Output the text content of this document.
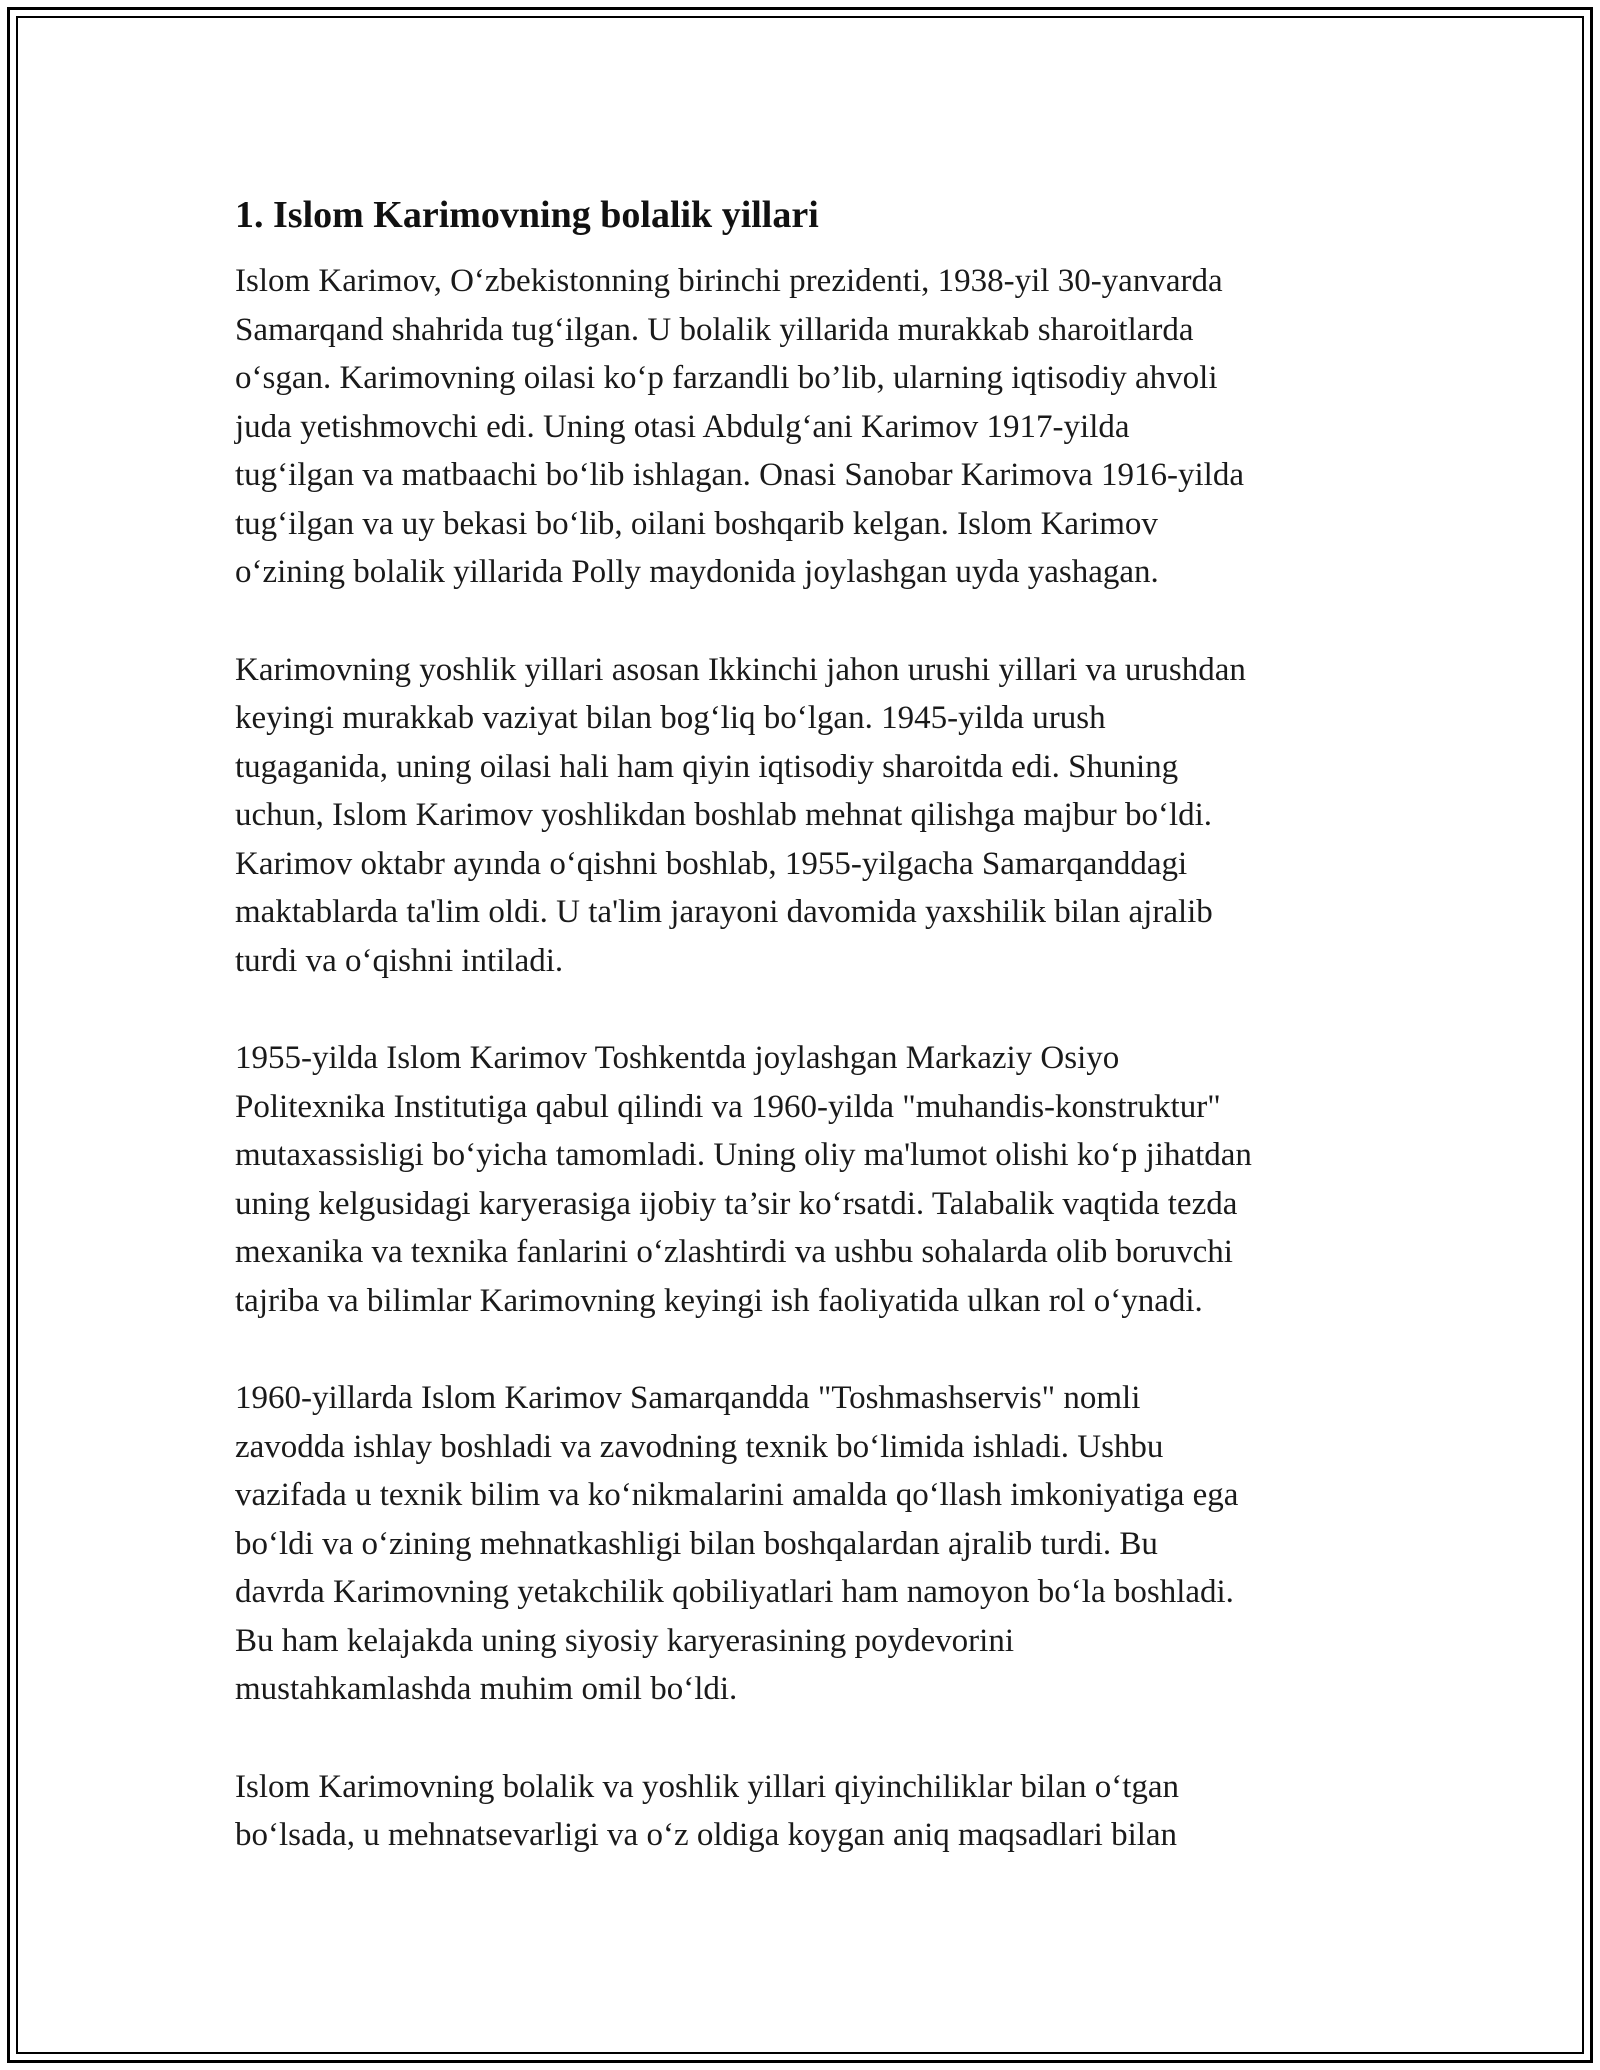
1. Islom Karimovning bolalik yillari

Islom Karimov, O‘zbekistonning birinchi prezidenti, 1938-yil 30-yanvarda
Samarqand shahrida tug‘ilgan. U bolalik yillarida murakkab sharoitlarda
o‘sgan. Karimovning oilasi ko‘p farzandli bo’lib, ularning iqtisodiy ahvoli
juda yetishmovchi edi. Uning otasi Abdulg‘ani Karimov 1917-yilda
tug‘ilgan va matbaachi bo‘lib ishlagan. Onasi Sanobar Karimova 1916-yilda
tug‘ilgan va uy bekasi bo‘lib, oilani boshqarib kelgan. Islom Karimov
o‘zining bolalik yillarida Polly maydonida joylashgan uyda yashagan.

Karimovning yoshlik yillari asosan Ikkinchi jahon urushi yillari va urushdan
keyingi murakkab vaziyat bilan bog‘liq bo‘lgan. 1945-yilda urush
tugaganida, uning oilasi hali ham qiyin iqtisodiy sharoitda edi. Shuning
uchun, Islom Karimov yoshlikdan boshlab mehnat qilishga majbur bo‘ldi.
Karimov oktabr ayında o‘qishni boshlab, 1955-yilgacha Samarqanddagi
maktablarda ta'lim oldi. U ta'lim jarayoni davomida yaxshilik bilan ajralib
turdi va o‘qishni intiladi.

1955-yilda Islom Karimov Toshkentda joylashgan Markaziy Osiyo
Politexnika Institutiga qabul qilindi va 1960-yilda "muhandis-konstruktur"
mutaxassisligi bo‘yicha tamomladi. Uning oliy ma'lumot olishi ko‘p jihatdan
uning kelgusidagi karyerasiga ijobiy ta’sir ko‘rsatdi. Talabalik vaqtida tezda
mexanika va texnika fanlarini o‘zlashtirdi va ushbu sohalarda olib boruvchi
tajriba va bilimlar Karimovning keyingi ish faoliyatida ulkan rol o‘ynadi.

1960-yillarda Islom Karimov Samarqandda "Toshmashservis" nomli
zavodda ishlay boshladi va zavodning texnik bo‘limida ishladi. Ushbu
vazifada u texnik bilim va ko‘nikmalarini amalda qo‘llash imkoniyatiga ega
bo‘ldi va o‘zining mehnatkashligi bilan boshqalardan ajralib turdi. Bu
davrda Karimovning yetakchilik qobiliyatlari ham namoyon bo‘la boshladi.
Bu ham kelajakda uning siyosiy karyerasining poydevorini
mustahkamlashda muhim omil bo‘ldi.

Islom Karimovning bolalik va yoshlik yillari qiyinchiliklar bilan o‘tgan
bo‘lsada, u mehnatsevarligi va o‘z oldiga koygan aniq maqsadlari bilan
